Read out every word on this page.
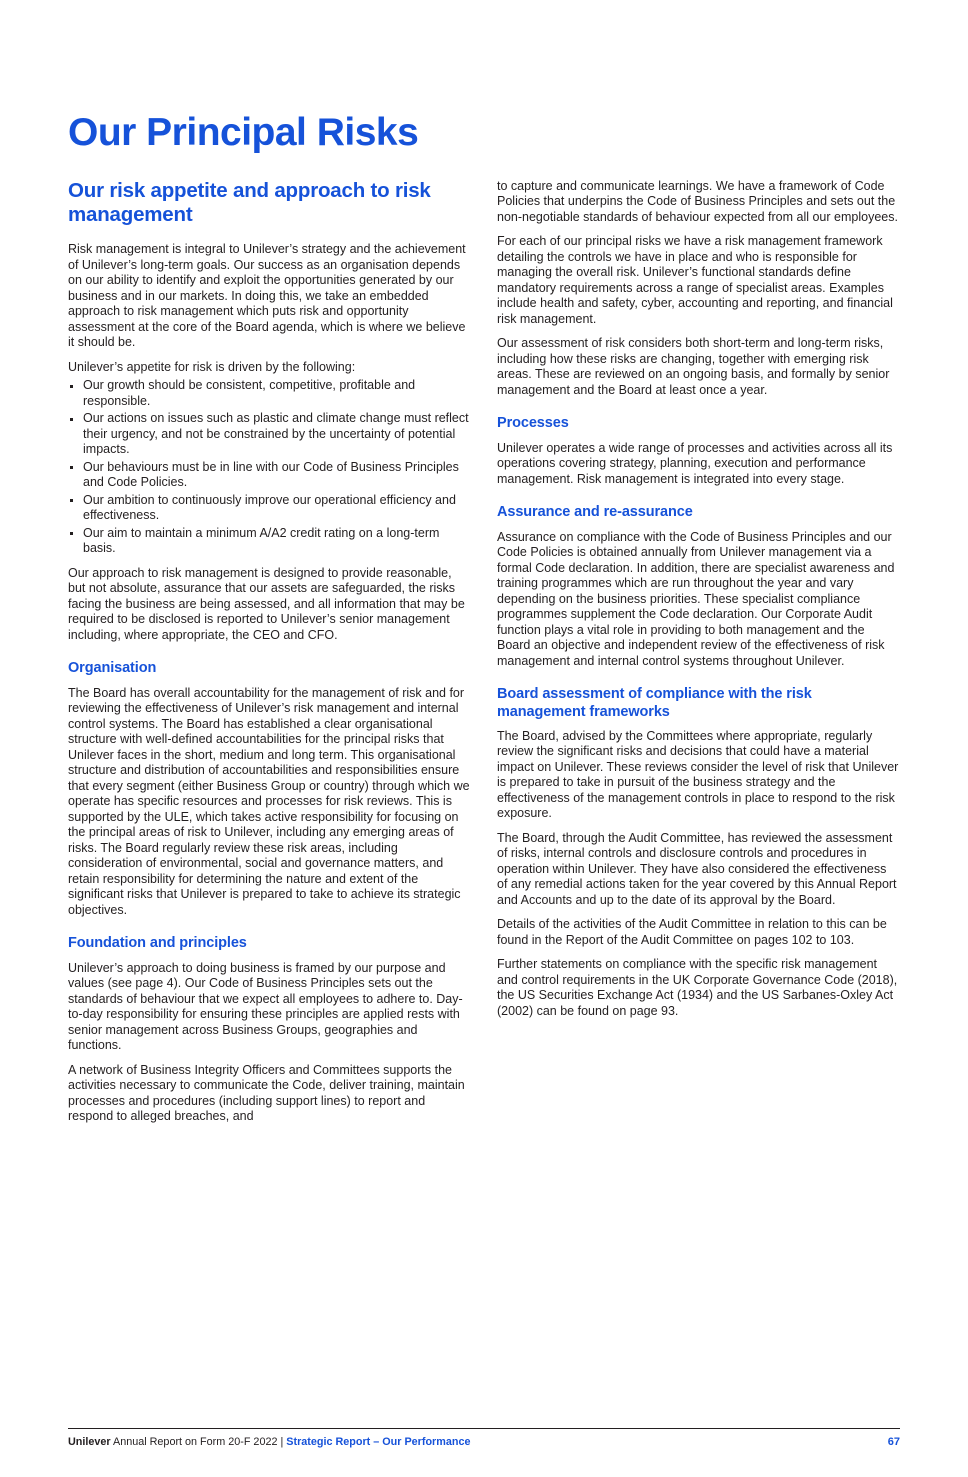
Our Principal Risks
Our risk appetite and approach to risk management

Risk management is integral to Unilever’s strategy and the achievement of Unilever’s long-term goals. Our success as an organisation depends on our ability to identify and exploit the opportunities generated by our business and in our markets. In doing this, we take an embedded approach to risk management which puts risk and opportunity assessment at the core of the Board agenda, which is where we believe it should be.

Unilever’s appetite for risk is driven by the following:

Our growth should be consistent, competitive, profitable and responsible.
Our actions on issues such as plastic and climate change must reflect their urgency, and not be constrained by the uncertainty of potential impacts.
Our behaviours must be in line with our Code of Business Principles and Code Policies.
Our ambition to continuously improve our operational efficiency and effectiveness.
Our aim to maintain a minimum A/A2 credit rating on a long-term basis.

Our approach to risk management is designed to provide reasonable, but not absolute, assurance that our assets are safeguarded, the risks facing the business are being assessed, and all information that may be required to be disclosed is reported to Unilever’s senior management including, where appropriate, the CEO and CFO.

Organisation

The Board has overall accountability for the management of risk and for reviewing the effectiveness of Unilever’s risk management and internal control systems. The Board has established a clear organisational structure with well-defined accountabilities for the principal risks that Unilever faces in the short, medium and long term. This organisational structure and distribution of accountabilities and responsibilities ensure that every segment (either Business Group or country) through which we operate has specific resources and processes for risk reviews. This is supported by the ULE, which takes active responsibility for focusing on the principal areas of risk to Unilever, including any emerging areas of risks. The Board regularly review these risk areas, including consideration of environmental, social and governance matters, and retain responsibility for determining the nature and extent of the significant risks that Unilever is prepared to take to achieve its strategic objectives.

Foundation and principles

Unilever’s approach to doing business is framed by our purpose and values (see page 4). Our Code of Business Principles sets out the standards of behaviour that we expect all employees to adhere to. Day-to-day responsibility for ensuring these principles are applied rests with senior management across Business Groups, geographies and functions.

A network of Business Integrity Officers and Committees supports the activities necessary to communicate the Code, deliver training, maintain processes and procedures (including support lines) to report and respond to alleged breaches, and

to capture and communicate learnings. We have a framework of Code Policies that underpins the Code of Business Principles and sets out the non-negotiable standards of behaviour expected from all our employees.

For each of our principal risks we have a risk management framework detailing the controls we have in place and who is responsible for managing the overall risk. Unilever’s functional standards define mandatory requirements across a range of specialist areas. Examples include health and safety, cyber, accounting and reporting, and financial risk management.

Our assessment of risk considers both short-term and long-term risks, including how these risks are changing, together with emerging risk areas. These are reviewed on an ongoing basis, and formally by senior management and the Board at least once a year.

Processes

Unilever operates a wide range of processes and activities across all its operations covering strategy, planning, execution and performance management. Risk management is integrated into every stage.

Assurance and re-assurance

Assurance on compliance with the Code of Business Principles and our Code Policies is obtained annually from Unilever management via a formal Code declaration. In addition, there are specialist awareness and training programmes which are run throughout the year and vary depending on the business priorities. These specialist compliance programmes supplement the Code declaration. Our Corporate Audit function plays a vital role in providing to both management and the Board an objective and independent review of the effectiveness of risk management and internal control systems throughout Unilever.

Board assessment of compliance with the risk management frameworks

The Board, advised by the Committees where appropriate, regularly review the significant risks and decisions that could have a material impact on Unilever. These reviews consider the level of risk that Unilever is prepared to take in pursuit of the business strategy and the effectiveness of the management controls in place to respond to the risk exposure.

The Board, through the Audit Committee, has reviewed the assessment of risks, internal controls and disclosure controls and procedures in operation within Unilever. They have also considered the effectiveness of any remedial actions taken for the year covered by this Annual Report and Accounts and up to the date of its approval by the Board.

Details of the activities of the Audit Committee in relation to this can be found in the Report of the Audit Committee on pages 102 to 103.

Further statements on compliance with the specific risk management and control requirements in the UK Corporate Governance Code (2018), the US Securities Exchange Act (1934) and the US Sarbanes-Oxley Act (2002) can be found on page 93.

Unilever Annual Report on Form 20-F 2022 | Strategic Report – Our Performance	67
